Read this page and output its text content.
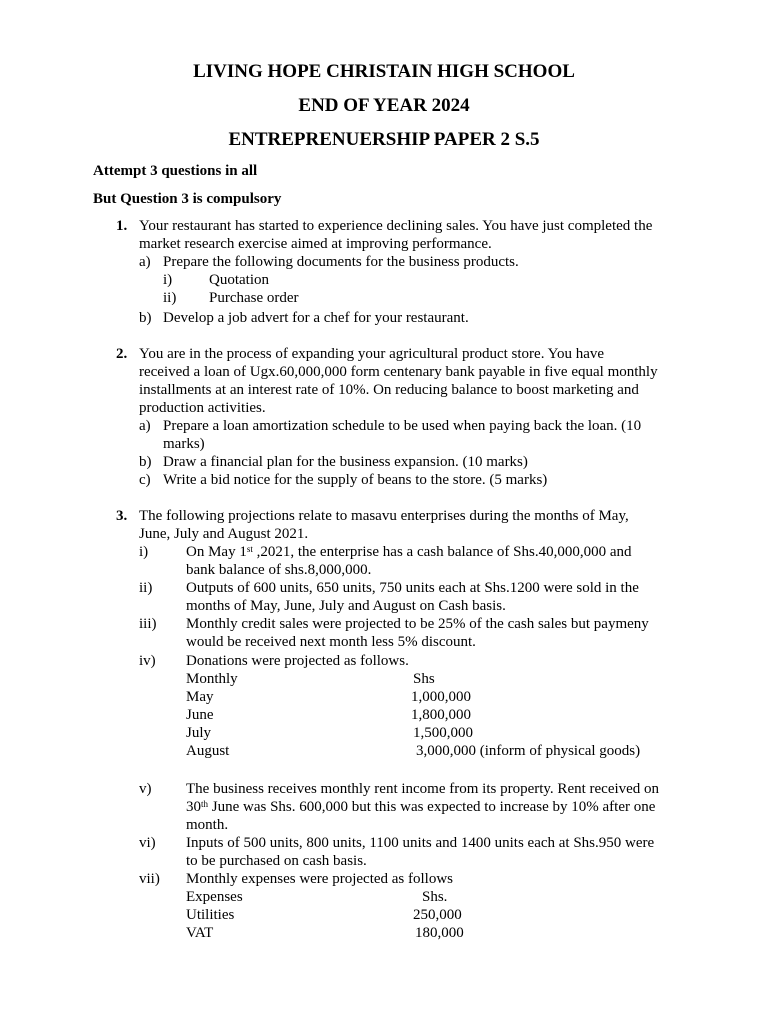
LIVING HOPE CHRISTAIN HIGH SCHOOL
END OF YEAR 2024
ENTREPRENUERSHIP PAPER 2 S.5
Attempt 3 questions in all
But Question 3 is compulsory
1. Your restaurant has started to experience declining sales. You have just completed the
market research exercise aimed at improving performance.
a) Prepare the following documents for the business products.
i) Quotation
ii) Purchase order
b) Develop a job advert for a chef for your restaurant.
2. You are in the process of expanding your agricultural product store. You have
received a loan of Ugx.60,000,000 form centenary bank payable in five equal monthly
installments at an interest rate of 10%. On reducing balance to boost marketing and
production activities.
a) Prepare a loan amortization schedule to be used when paying back the loan. (10
marks)
b) Draw a financial plan for the business expansion. (10 marks)
c) Write a bid notice for the supply of beans to the store. (5 marks)
3. The following projections relate to masavu enterprises during the months of May,
June, July and August 2021.
i)	On May 1st ,2021, the enterprise has a cash balance of Shs.40,000,000 and
bank balance of shs.8,000,000.
ii) Outputs of 600 units, 650 units, 750 units each at Shs.1200 were sold in the
months of May, June, July and August on Cash basis.
iii) Monthly credit sales were projected to be 25% of the cash sales but paymeny
would be received next month less 5% discount.
iv) Donations were projected as follows.
Monthly	Shs
May	1,000,000
June	1,800,000
July	1,500,000
August	3,000,000 (inform of physical goods)
v) The business receives monthly rent income from its property. Rent received on
30th June was Shs. 600,000 but this was expected to increase by 10% after one
month.
vi) Inputs of 500 units, 800 units, 1100 units and 1400 units each at Shs.950 were
to be purchased on cash basis.
vii) Monthly expenses were projected as follows
Expenses	Shs.
Utilities	250,000
VAT	180,000
